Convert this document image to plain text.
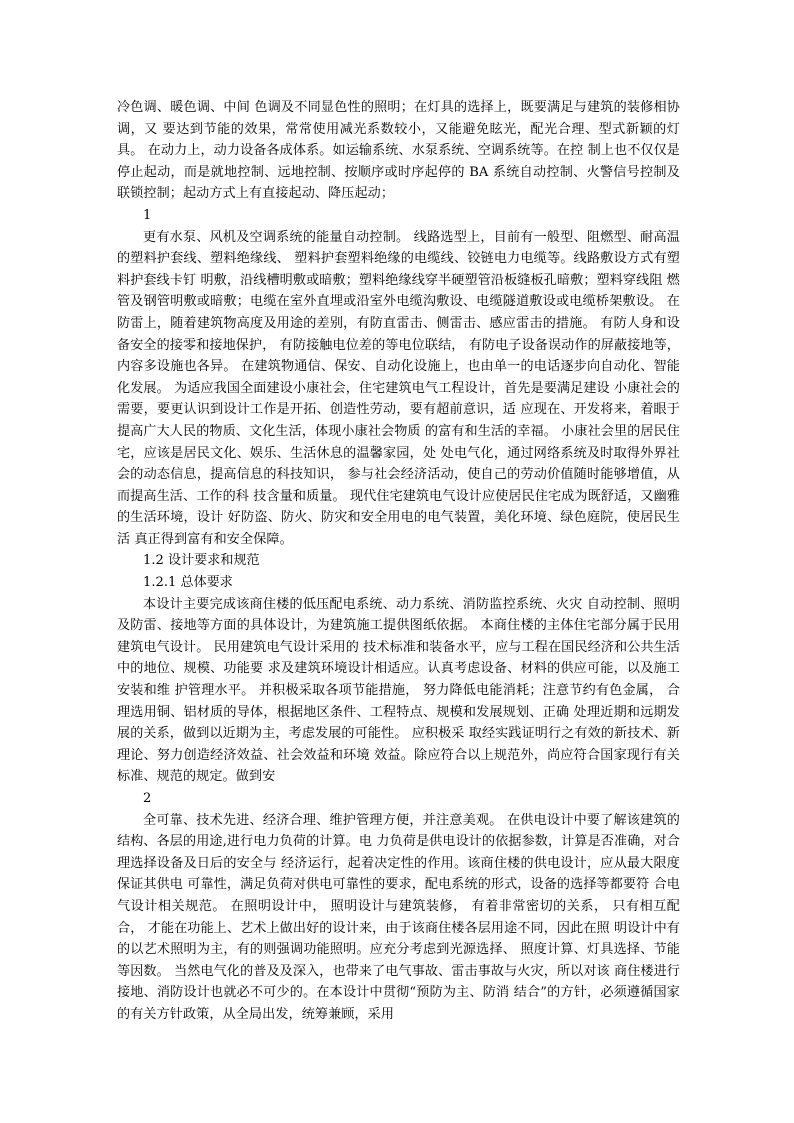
冷色调、暖色调、中间 色调及不同显色性的照明；在灯具的选择上，既要满足与建筑的装修相协调，又 要达到节能的效果，常常使用减光系数较小，又能避免眩光，配光合理、型式新颖的灯具。 在动力上，动力设备各成体系。如运输系统、水泵系统、空调系统等。在控 制上也不仅仅是停止起动，而是就地控制、远地控制、按顺序或时序起停的 BA 系统自动控制、火警信号控制及联锁控制；起动方式上有直接起动、降压起动；

1

更有水泵、风机及空调系统的能量自动控制。 线路选型上，目前有一般型、阻燃型、耐高温的塑料护套线、塑料绝缘线、 塑料护套塑料绝缘的电缆线、铰链电力电缆等。线路敷设方式有塑料护套线卡钉 明敷，沿线槽明敷或暗敷；塑料绝缘线穿半硬塑管沿板缝板孔暗敷；塑料穿线阻 燃管及钢管明敷或暗敷；电缆在室外直埋或沿室外电缆沟敷设、电缆隧道敷设或电缆桥架敷设。 在防雷上，随着建筑物高度及用途的差别，有防直雷击、侧雷击、感应雷击的措施。 有防人身和设备安全的接零和接地保护， 有防接触电位差的等电位联结， 有防电子设备误动作的屏蔽接地等，内容多设施也各异。 在建筑物通信、保安、自动化设施上，也由单一的电话逐步向自动化、智能 化发展。 为适应我国全面建设小康社会，住宅建筑电气工程设计，首先是要满足建设 小康社会的需要，要更认识到设计工作是开拓、创造性劳动，要有超前意识，适 应现在、开发将来，着眼于提高广大人民的物质、文化生活，体现小康社会物质 的富有和生活的幸福。 小康社会里的居民住宅，应该是居民文化、娱乐、生活休息的温馨家园，处 处电气化，通过网络系统及时取得外界社会的动态信息，提高信息的科技知识， 参与社会经济活动，使自己的劳动价值随时能够增值，从而提高生活、工作的科 技含量和质量。 现代住宅建筑电气设计应使居民住宅成为既舒适，又幽雅的生活环境，设计 好防盗、防火、防灾和安全用电的电气装置，美化环境、绿色庭院，使居民生活 真正得到富有和安全保障。

1.2 设计要求和规范

1.2.1 总体要求

本设计主要完成该商住楼的低压配电系统、动力系统、消防监控系统、火灾 自动控制、照明及防雷、接地等方面的具体设计，为建筑施工提供图纸依据。 本商住楼的主体住宅部分属于民用建筑电气设计。 民用建筑电气设计采用的 技术标准和装备水平，应与工程在国民经济和公共生活中的地位、规模、功能要 求及建筑环境设计相适应。认真考虑设备、材料的供应可能，以及施工安装和维 护管理水平。 并积极采取各项节能措施， 努力降低电能消耗；注意节约有色金属， 合理选用铜、铝材质的导体，根据地区条件、工程特点、规模和发展规划、正确 处理近期和远期发展的关系，做到以近期为主，考虑发展的可能性。 应积极采 取经实践证明行之有效的新技术、新理论、努力创造经济效益、社会效益和环境 效益。除应符合以上规范外，尚应符合国家现行有关标准、规范的规定。做到安

2

全可靠、技术先进、经济合理、维护管理方便，并注意美观。 在供电设计中要了解该建筑的结构、各层的用途,进行电力负荷的计算。电 力负荷是供电设计的依据参数，计算是否准确，对合理选择设备及日后的安全与 经济运行，起着决定性的作用。该商住楼的供电设计，应从最大限度保证其供电 可靠性，满足负荷对供电可靠性的要求，配电系统的形式，设备的选择等都要符 合电气设计相关规范。 在照明设计中， 照明设计与建筑装修， 有着非常密切的关系， 只有相互配合， 才能在功能上、艺术上做出好的设计来，由于该商住楼各层用途不同，因此在照 明设计中有的以艺术照明为主，有的则强调功能照明。应充分考虑到光源选择、 照度计算、灯具选择、节能等因数。 当然电气化的普及及深入，也带来了电气事故、雷击事故与火灾，所以对该 商住楼进行接地、消防设计也就必不可少的。在本设计中贯彻“预防为主、防消 结合”的方针，必须遵循国家的有关方针政策，从全局出发，统筹兼顾，采用
